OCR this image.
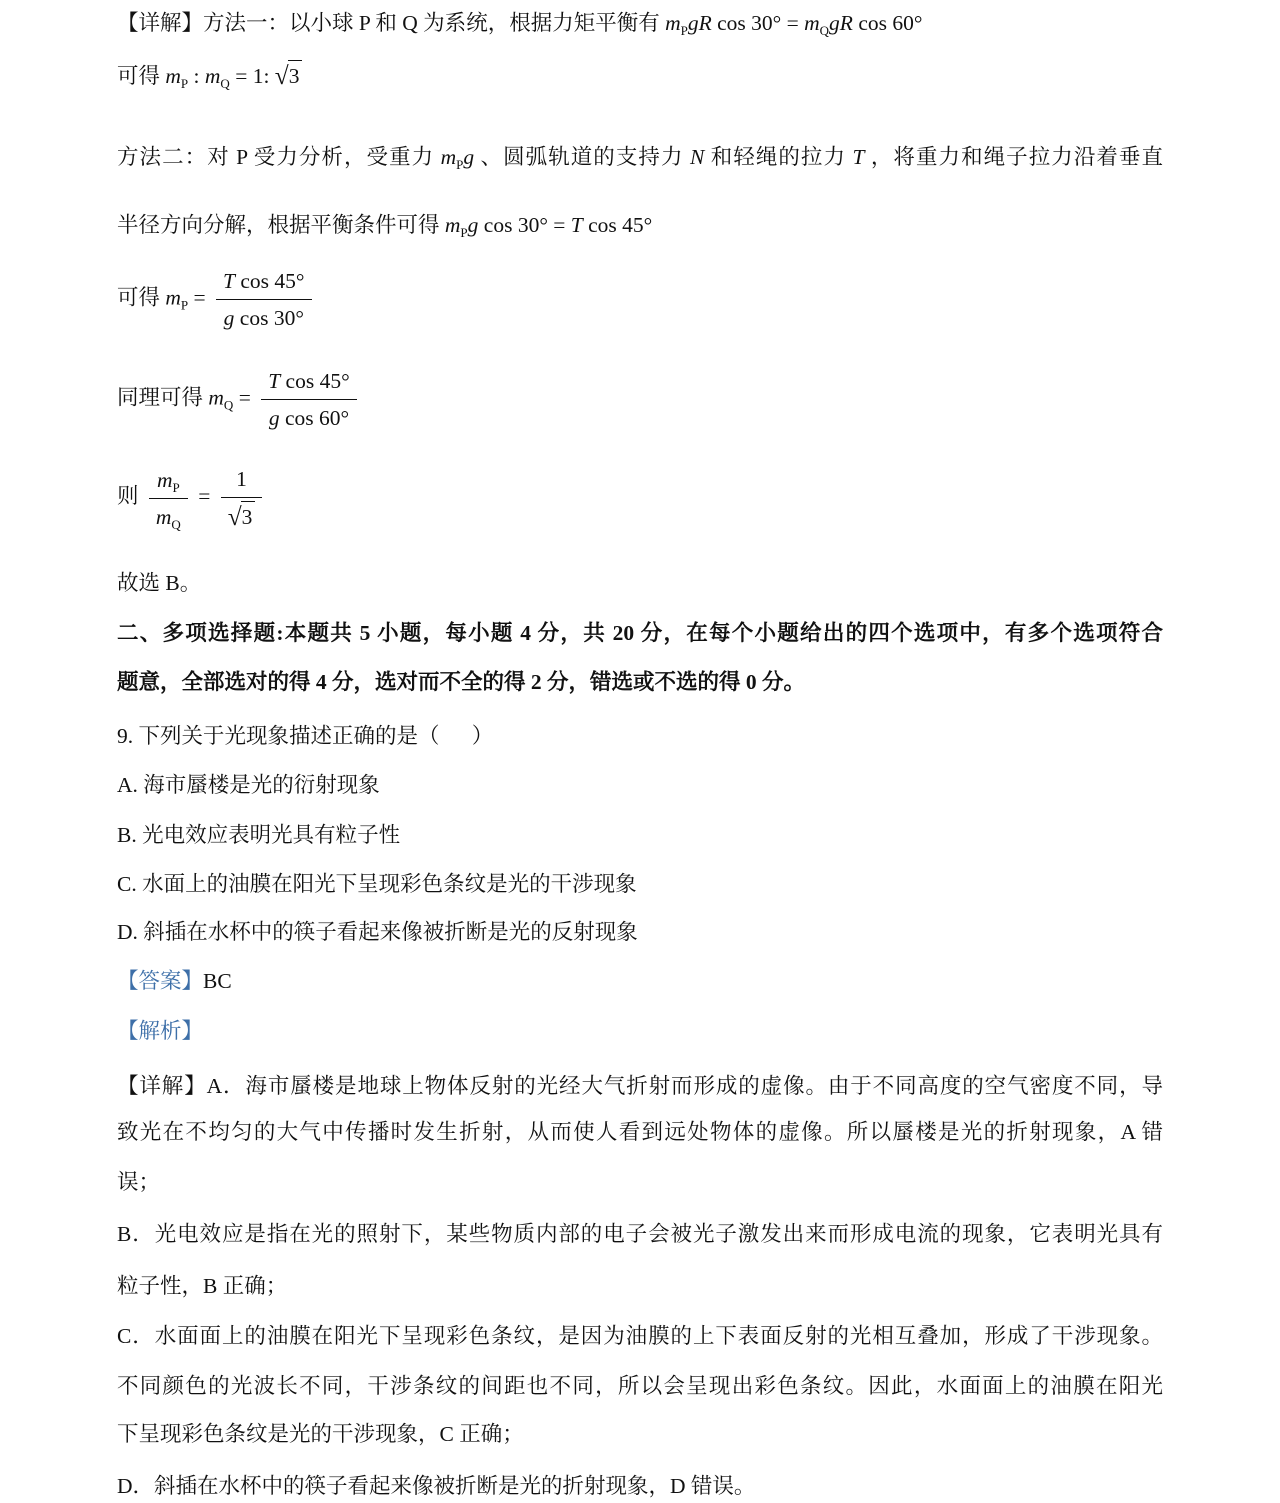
【详解】方法一：以小球 P 和 Q 为系统，根据力矩平衡有 $m_PgR$ $\cos 30^\circ = m_QgR$ cos 60°
可得 $m_P$ : $m_Q = 1$: √3
方法二：对 P 受力分析，受重力 $m_Pg$ 、圆弧轨道的支持力 N 和轻绳的拉力 T ，将重力和绳子拉力沿着垂直
半径方向分解，根据平衡条件可得 $m_Pg$ cos 30° = T cos 45°
可得 $m_P = \frac{\text{T cos 45°}}{\text{g cos 30°}}$
同理可得 $m_Q = \frac{\text{T cos 45°}}{\text{g cos 60°}}$
则 $\frac{m_P}{m_Q} = \frac{1}{√3}$
故选 B。
二、多项选择题:本题共 5 小题，每小题 4 分，共 20 分，在每个小题给出的四个选项中，有多个选项符合
题意，全部选对的得 4 分，选对而不全的得 2 分，错选或不选的得 0 分。
9. 下列关于光现象描述正确的是（      ）
A. 海市蜃楼是光的衍射现象
B. 光电效应表明光具有粒子性
C. 水面上的油膜在阳光下呈现彩色条纹是光的干涉现象
D. 斜插在水杯中的筷子看起来像被折断是光的反射现象
【答案】BC
【解析】
【详解】A．海市蜃楼是地球上物体反射的光经大气折射而形成的虚像。由于不同高度的空气密度不同，导
致光在不均匀的大气中传播时发生折射，从而使人看到远处物体的虚像。所以蜃楼是光的折射现象，A 错
误；
B．光电效应是指在光的照射下，某些物质内部的电子会被光子激发出来而形成电流的现象，它表明光具有
粒子性，B 正确；
C．水面面上的油膜在阳光下呈现彩色条纹，是因为油膜的上下表面反射的光相互叠加，形成了干涉现象。
不同颜色的光波长不同，干涉条纹的间距也不同，所以会呈现出彩色条纹。因此，水面面上的油膜在阳光
下呈现彩色条纹是光的干涉现象，C 正确；
D．斜插在水杯中的筷子看起来像被折断是光的折射现象，D 错误。
